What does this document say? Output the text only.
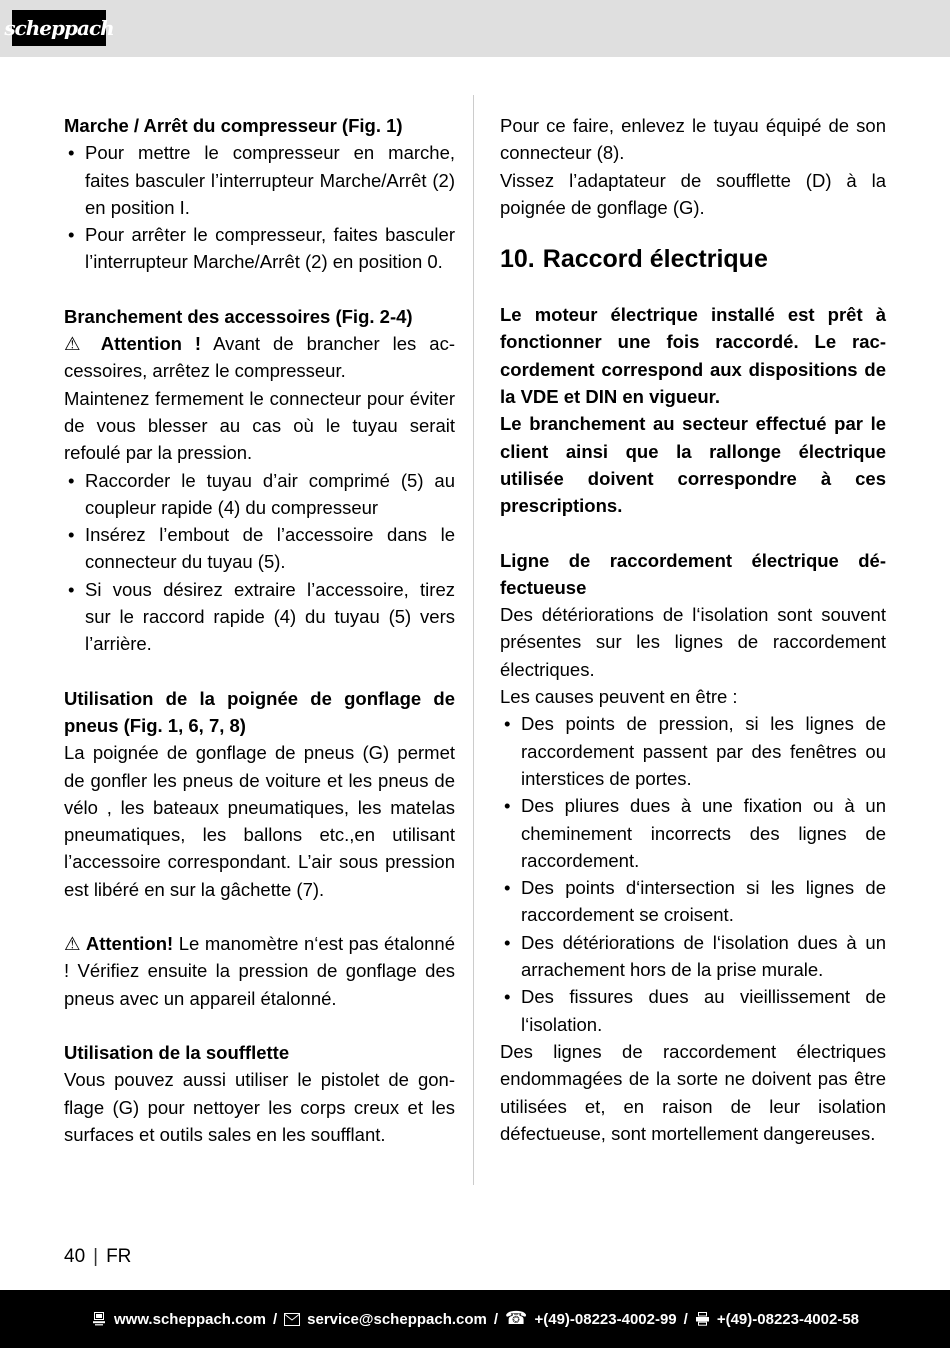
scheppach
Marche / Arrêt du compresseur (Fig. 1)
• Pour mettre le compresseur en marche, faites basculer l’interrupteur Marche/Arrêt (2) en position I.
• Pour arrêter le compresseur, faites basculer l’interrupteur Marche/Arrêt (2) en position 0.
Branchement des accessoires (Fig. 2-4)

⚠ Attention ! Avant de brancher les accessoires, arrêtez le compresseur.

Maintenez fermement le connecteur pour éviter de vous blesser au cas où le tuyau serait refoulé par la pression.

• Raccorder le tuyau d’air comprimé (5) au coupleur rapide (4) du compresseur
• Insérez l’embout de l’accessoire dans le connecteur du tuyau (5).
• Si vous désirez extraire l’accessoire, tirez sur le raccord rapide (4) du tuyau (5) vers l’arrière.
Utilisation de la poignée de gonflage de pneus (Fig. 1, 6, 7, 8)

La poignée de gonflage de pneus (G) permet de gonfler les pneus de voiture et les pneus de vélo , les bateaux pneumatiques, les matelas pneumatiques, les ballons etc.,en utilisant l’accessoire correspondant. L’air sous pression est libéré en sur la gâchette (7).

⚠ Attention! Le manomètre n‘est pas étalonné ! Vérifiez ensuite la pression de gonflage des pneus avec un appareil étalonné.

Utilisation de la soufflette

Vous pouvez aussi utiliser le pistolet de gonflage (G) pour nettoyer les corps creux et les surfaces et outils sales en les soufflant.

Pour ce faire, enlevez le tuyau équipé de son connecteur (8).

Vissez l’adaptateur de soufflette (D) à la poignée de gonflage (G).

10. Raccord électrique

Le moteur électrique installé est prêt à fonctionner une fois raccordé. Le raccordement correspond aux dispositions de la VDE et DIN en vigueur.

Le branchement au secteur effectué par le client ainsi que la rallonge électrique utilisée doivent correspondre à ces prescriptions.

Ligne de raccordement électrique défectueuse

Des détériorations de l‘isolation sont souvent présentes sur les lignes de raccordement électriques.

Les causes peuvent en être :

• Des points de pression, si les lignes de raccordement passent par des fenêtres ou interstices de portes.
• Des pliures dues à une fixation ou à un cheminement incorrects des lignes de raccordement.
• Des points d‘intersection si les lignes de raccordement se croisent.
• Des détériorations de l‘isolation dues à un arrachement hors de la prise murale.
• Des fissures dues au vieillissement de l‘isolation.

Des lignes de raccordement électriques endommagées de la sorte ne doivent pas être utilisées et, en raison de leur isolation défectueuse, sont mortellement dangereuses.

40 | FR
www.scheppach.com / service@scheppach.com / ☎ +(49)-08223-4002-99 / +(49)-08223-4002-58
